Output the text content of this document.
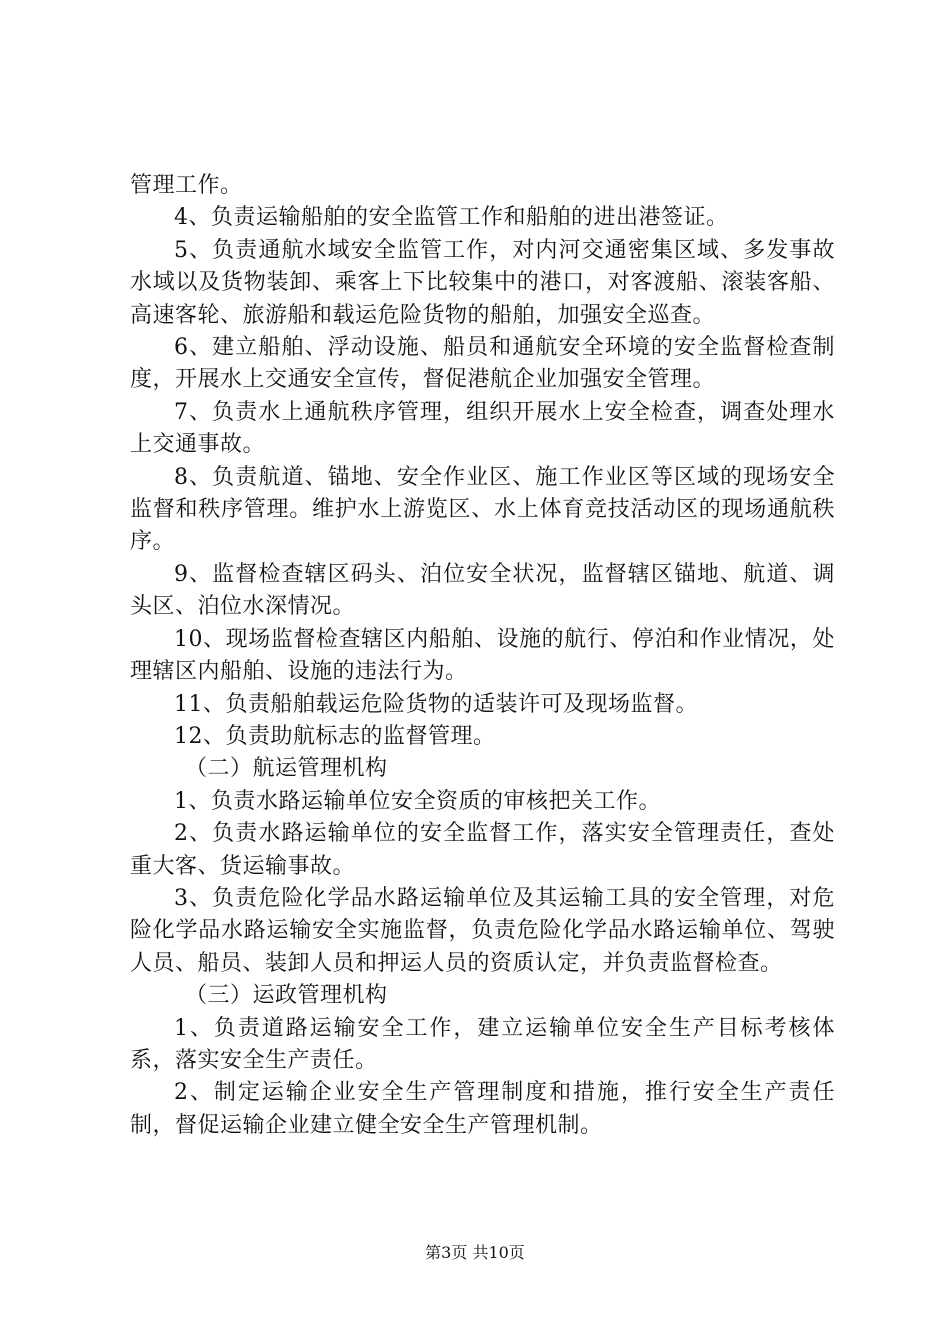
管理工作。

4、负责运输船舶的安全监管工作和船舶的进出港签证。

5、负责通航水域安全监管工作，对内河交通密集区域、多发事故水域以及货物装卸、乘客上下比较集中的港口，对客渡船、滚装客船、高速客轮、旅游船和载运危险货物的船舶，加强安全巡查。

6、建立船舶、浮动设施、船员和通航安全环境的安全监督检查制度，开展水上交通安全宣传，督促港航企业加强安全管理。

7、负责水上通航秩序管理，组织开展水上安全检查，调查处理水上交通事故。

8、负责航道、锚地、安全作业区、施工作业区等区域的现场安全监督和秩序管理。维护水上游览区、水上体育竞技活动区的现场通航秩序。

9、监督检查辖区码头、泊位安全状况，监督辖区锚地、航道、调头区、泊位水深情况。

10、现场监督检查辖区内船舶、设施的航行、停泊和作业情况，处理辖区内船舶、设施的违法行为。

11、负责船舶载运危险货物的适装许可及现场监督。

12、负责助航标志的监督管理。

（二）航运管理机构

1、负责水路运输单位安全资质的审核把关工作。

2、负责水路运输单位的安全监督工作，落实安全管理责任，查处重大客、货运输事故。

3、负责危险化学品水路运输单位及其运输工具的安全管理，对危险化学品水路运输安全实施监督，负责危险化学品水路运输单位、驾驶人员、船员、装卸人员和押运人员的资质认定，并负责监督检查。

（三）运政管理机构

1、负责道路运输安全工作，建立运输单位安全生产目标考核体系，落实安全生产责任。

2、制定运输企业安全生产管理制度和措施，推行安全生产责任制，督促运输企业建立健全安全生产管理机制。

第3页 共10页
